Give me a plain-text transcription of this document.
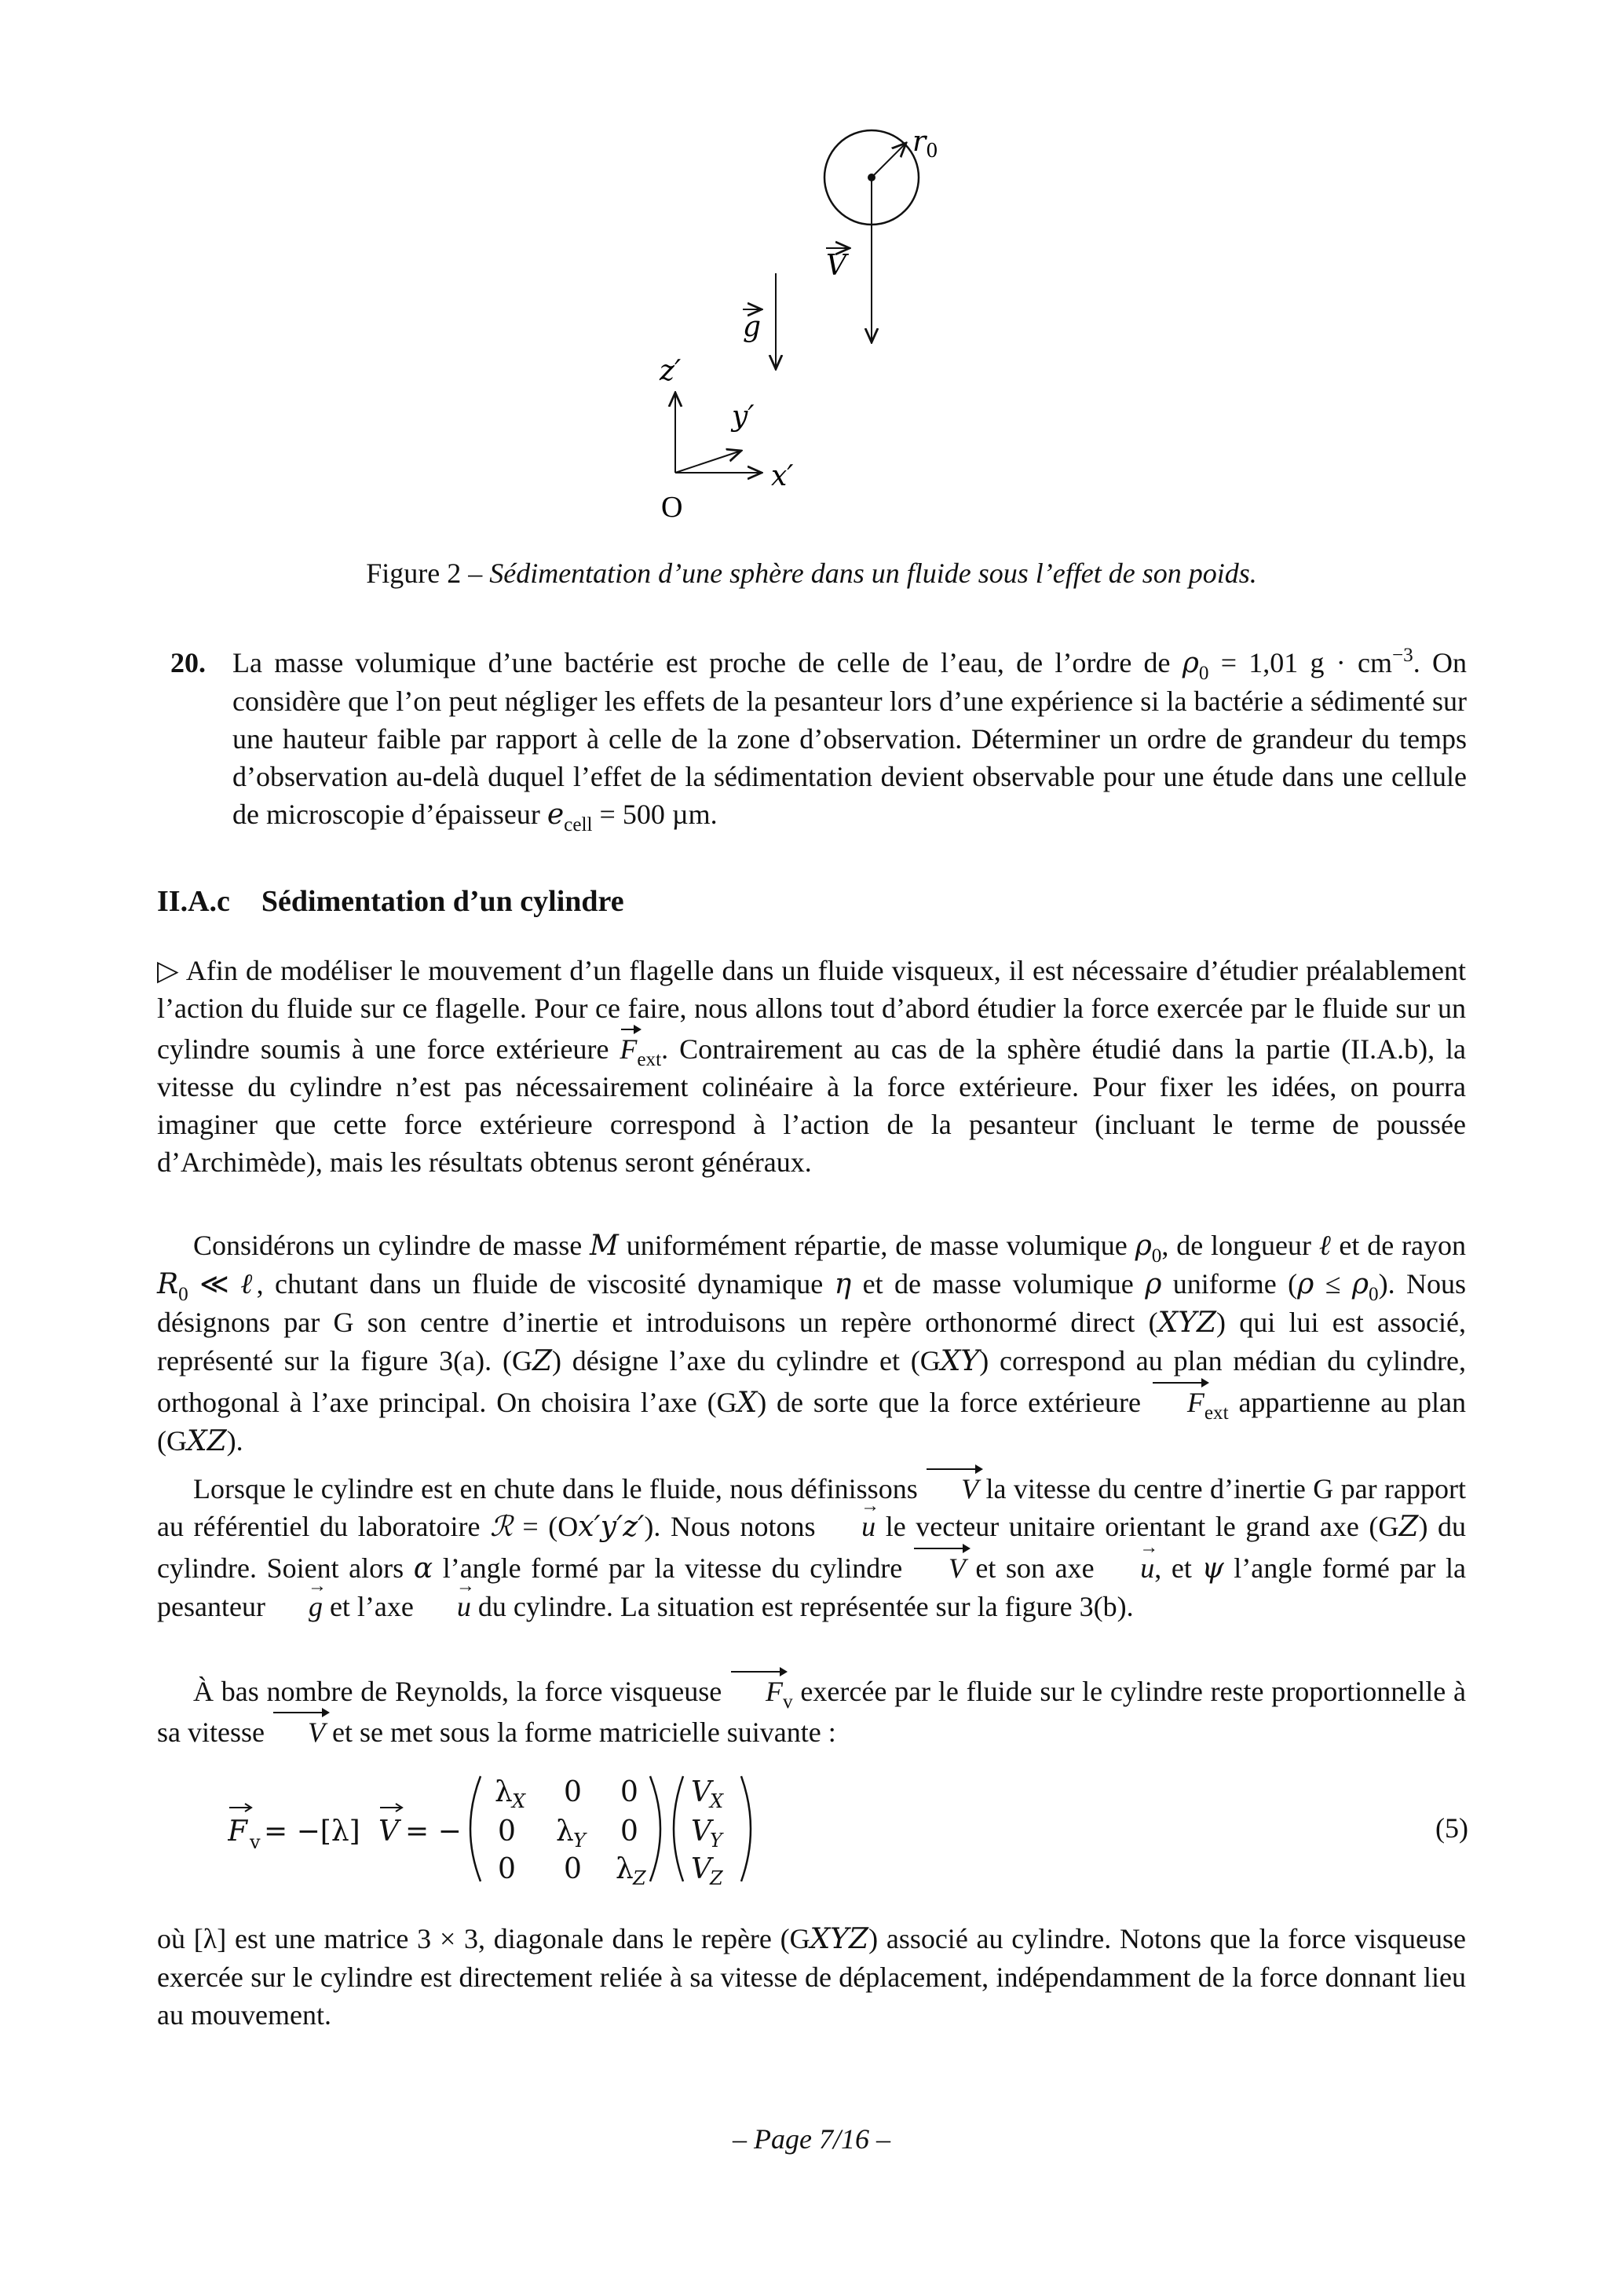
$r_0$
V
g
z′
y′
x′
O
Figure 2 – Sédimentation d’une sphère dans un fluide sous l’effet de son poids.
20. La masse volumique d’une bactérie est proche de celle de l’eau, de l’ordre de $\rho_0 = 1,01$ $g \cdot cm^{-3}$. On considère que l’on peut négliger les effets de la pesanteur lors d’une expérience si la bactérie a sédimenté sur une hauteur faible par rapport à celle de la zone d’observation. Déterminer un ordre de grandeur du temps d’observation au-delà duquel l’effet de la sédimentation devient observable pour une étude dans une cellule de microscopie d’épaisseur $e_{cell} = 500$ µm.
II.A.c Sédimentation d’un cylindre
▷ Afin de modéliser le mouvement d’un flagelle dans un fluide visqueux, il est nécessaire d’étudier préalablement l’action du fluide sur ce flagelle. Pour ce faire, nous allons tout d’abord étudier la force exercée par le fluide sur un cylindre soumis à une force extérieure $F_{ext}$. Contrairement au cas de la sphère étudié dans la partie (II.A.b), la vitesse du cylindre n’est pas nécessairement colinéaire à la force extérieure. Pour fixer les idées, on pourra imaginer que cette force extérieure correspond à l’action de la pesanteur (incluant le terme de poussée d’Archimède), mais les résultats obtenus seront généraux.
Considérons un cylindre de masse M uniformément répartie, de masse volumique $\rho_0$, de longueur ℓ et de rayon $R_0$ ≪ ℓ, chutant dans un fluide de viscosité dynamique η et de masse volumique ρ uniforme $(\rho \le \rho_0)$. Nous désignons par G son centre d’inertie et introduisons un repère orthonormé direct (XYZ) qui lui est associé, représenté sur la figure 3(a). (GZ) désigne l’axe du cylindre et (GXY) correspond au plan médian du cylindre, orthogonal à l’axe principal. On choisira l’axe (GX) de sorte que la force extérieure $F_{ext}$ appartienne au plan (GXZ).
Lorsque le cylindre est en chute dans le fluide, nous définissons V la vitesse du centre d’inertie G par rapport au référentiel du laboratoire ℛ = (Ox′y′z′). Nous notons → u le vecteur unitaire orientant le grand axe (GZ) du cylindre. Soient alors α l’angle formé par la vitesse du cylindre V et son axe → u, et ψ l’angle formé par la pesanteur → g et l’axe → u du cylindre. La situation est représentée sur la figure 3(b).
À bas nombre de Reynolds, la force visqueuse $F_v$ exercée par le fluide sur le cylindre reste proportionnelle à sa vitesse V et se met sous la forme matricielle suivante :
F v = −[λ] V = −
λ X 0 0
0 λ Y 0
0 0 λ Z
V
X
V
Y
V
Z
(5)
où [λ] est une matrice 3 × 3, diagonale dans le repère (GXYZ) associé au cylindre. Notons que la force visqueuse exercée sur le cylindre est directement reliée à sa vitesse de déplacement, indépendamment de la force donnant lieu au mouvement.
– Page 7/16 –
